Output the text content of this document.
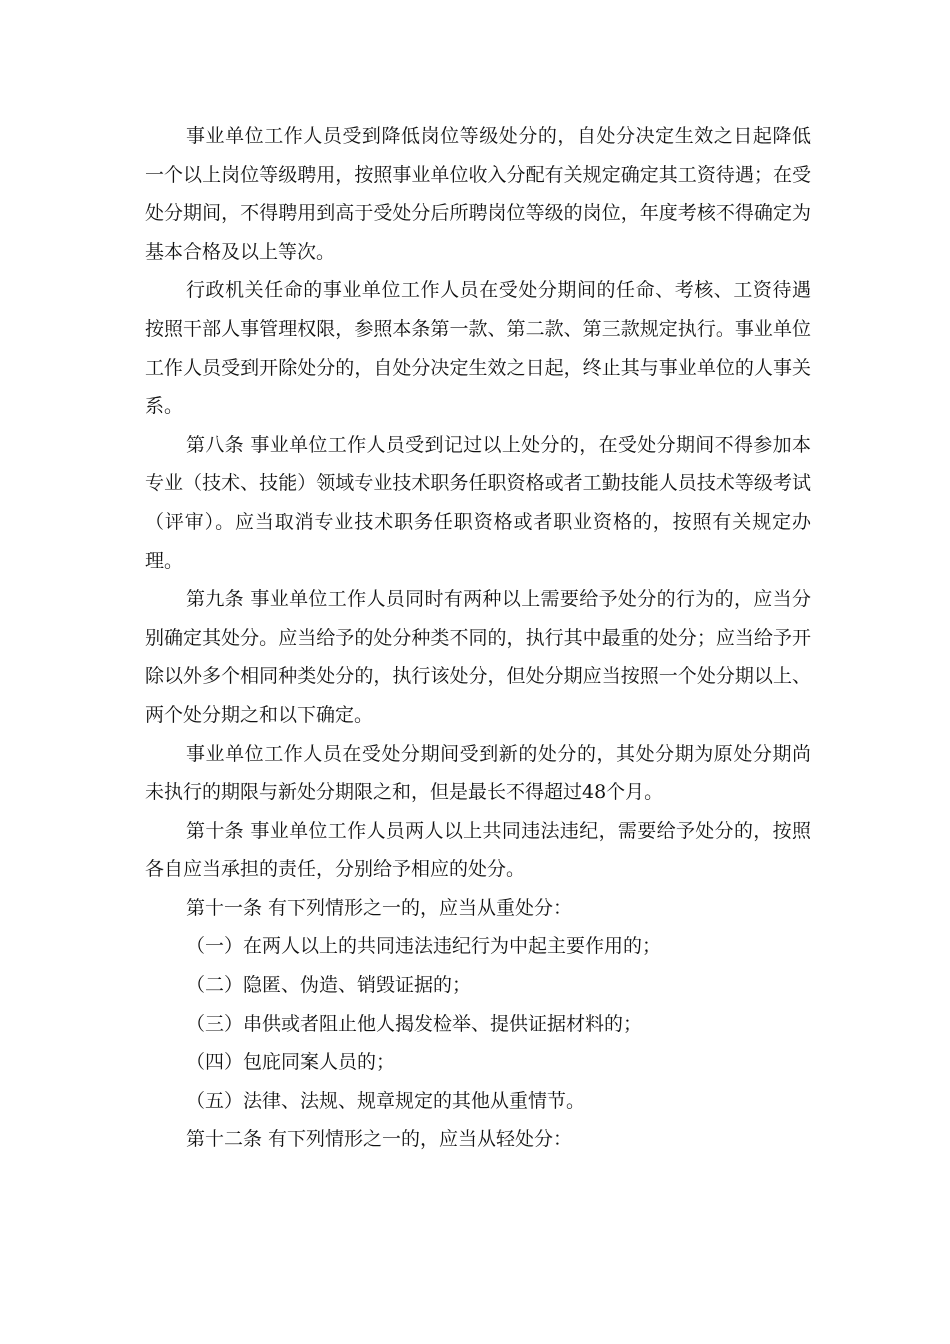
事业单位工作人员受到降低岗位等级处分的，自处分决定生效之日起降低一个以上岗位等级聘用，按照事业单位收入分配有关规定确定其工资待遇；在受处分期间，不得聘用到高于受处分后所聘岗位等级的岗位，年度考核不得确定为基本合格及以上等次。

行政机关任命的事业单位工作人员在受处分期间的任命、考核、工资待遇按照干部人事管理权限，参照本条第一款、第二款、第三款规定执行。事业单位工作人员受到开除处分的，自处分决定生效之日起，终止其与事业单位的人事关系。

第八条 事业单位工作人员受到记过以上处分的，在受处分期间不得参加本专业（技术、技能）领域专业技术职务任职资格或者工勤技能人员技术等级考试（评审）。应当取消专业技术职务任职资格或者职业资格的，按照有关规定办理。

第九条 事业单位工作人员同时有两种以上需要给予处分的行为的，应当分别确定其处分。应当给予的处分种类不同的，执行其中最重的处分；应当给予开除以外多个相同种类处分的，执行该处分，但处分期应当按照一个处分期以上、两个处分期之和以下确定。

事业单位工作人员在受处分期间受到新的处分的，其处分期为原处分期尚未执行的期限与新处分期限之和，但是最长不得超过48个月。

第十条 事业单位工作人员两人以上共同违法违纪，需要给予处分的，按照各自应当承担的责任，分别给予相应的处分。

第十一条 有下列情形之一的，应当从重处分：

（一）在两人以上的共同违法违纪行为中起主要作用的；

（二）隐匿、伪造、销毁证据的；

（三）串供或者阻止他人揭发检举、提供证据材料的；

（四）包庇同案人员的；

（五）法律、法规、规章规定的其他从重情节。

第十二条 有下列情形之一的，应当从轻处分：
